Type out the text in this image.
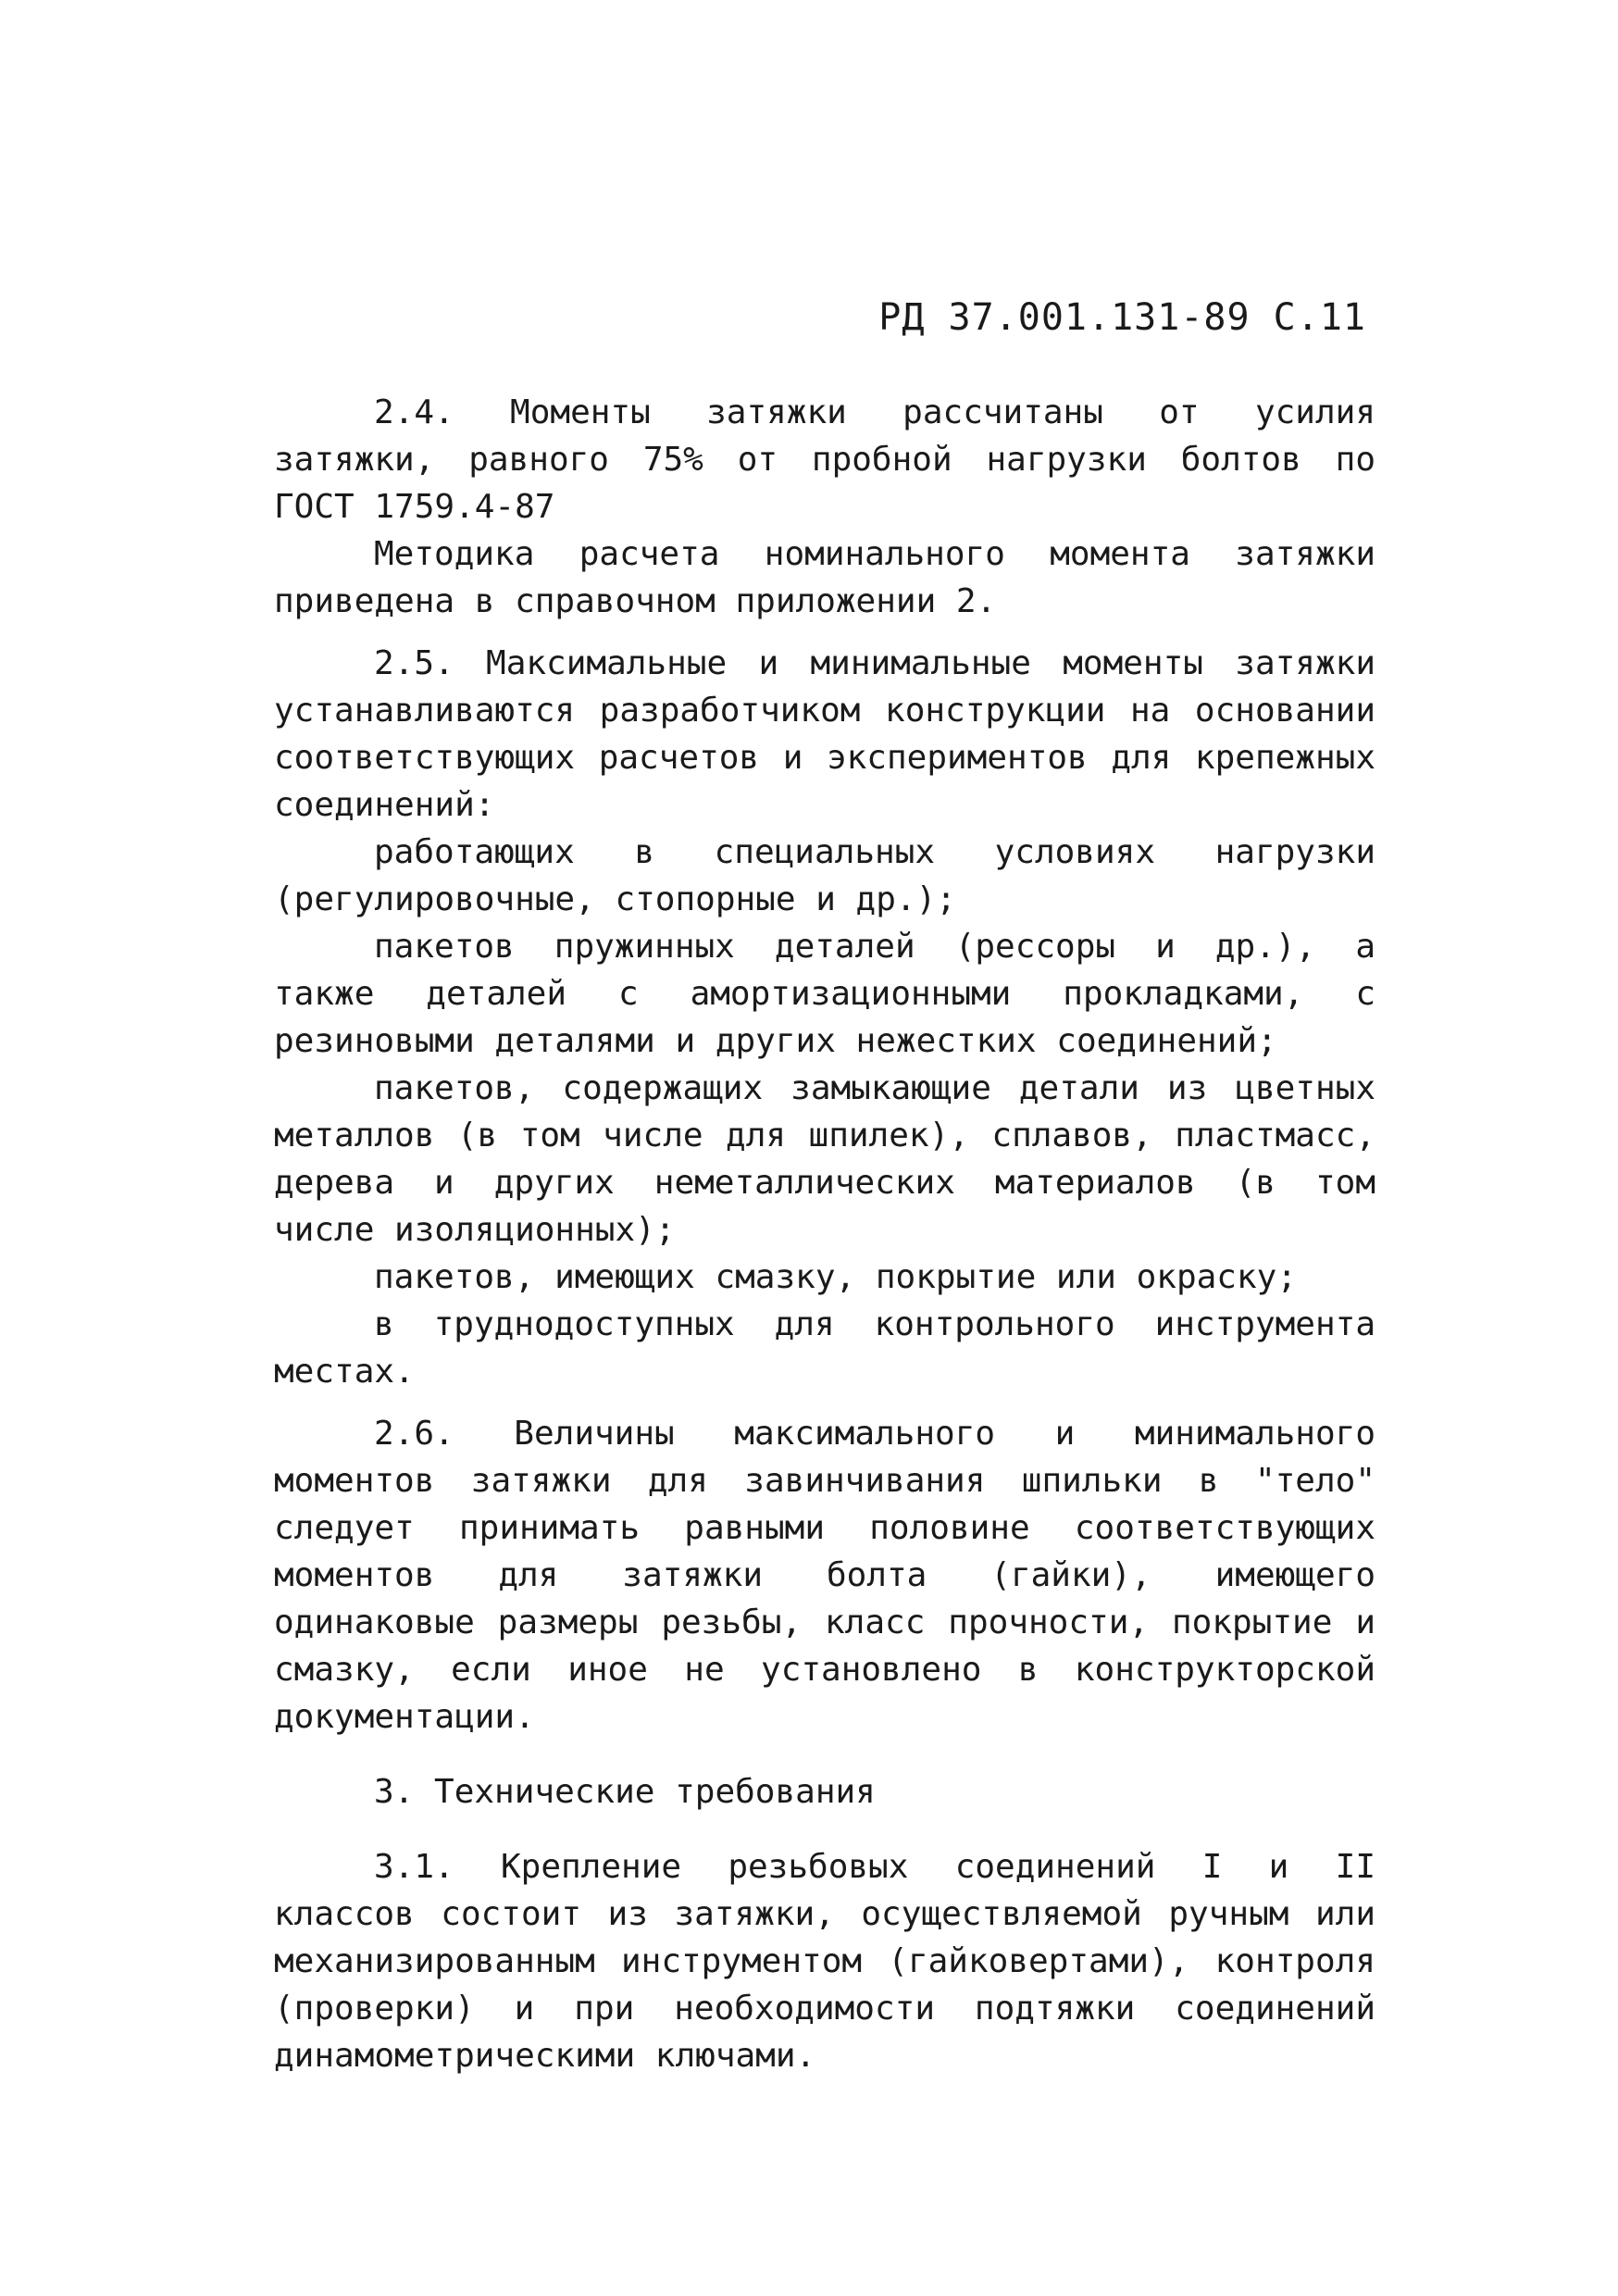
РД 37.001.131-89 С.11

2.4. Моменты затяжки рассчитаны от усилия затяжки, равного 75% от пробной нагрузки болтов по ГОСТ 1759.4-87

Методика расчета номинального момента затяжки приведена в справочном приложении 2.

2.5. Максимальные и минимальные моменты затяжки устанавливаются разработчиком конструкции на основании соответствующих расчетов и экспериментов для крепежных соединений:

работающих в специальных условиях нагрузки (регулировочные, стопорные и др.);

пакетов пружинных деталей (рессоры и др.), а также деталей с амортизационными прокладками, с резиновыми деталями и других нежестких соединений;

пакетов, содержащих замыкающие детали из цветных металлов (в том числе для шпилек), сплавов, пластмасс, дерева и других неметаллических материалов (в том числе изоляционных);

пакетов, имеющих смазку, покрытие или окраску;

в труднодоступных для контрольного инструмента местах.

2.6. Величины максимального и минимального моментов затяжки для завинчивания шпильки в "тело" следует принимать равными половине соответствующих моментов для затяжки болта (гайки), имеющего одинаковые размеры резьбы, класс прочности, покрытие и смазку, если иное не установлено в конструкторской документации.

3. Технические требования

3.1. Крепление резьбовых соединений I и II классов состоит из затяжки, осуществляемой ручным или механизированным инструментом (гайковертами), контроля (проверки) и при необходимости подтяжки соединений динамометрическими ключами.
